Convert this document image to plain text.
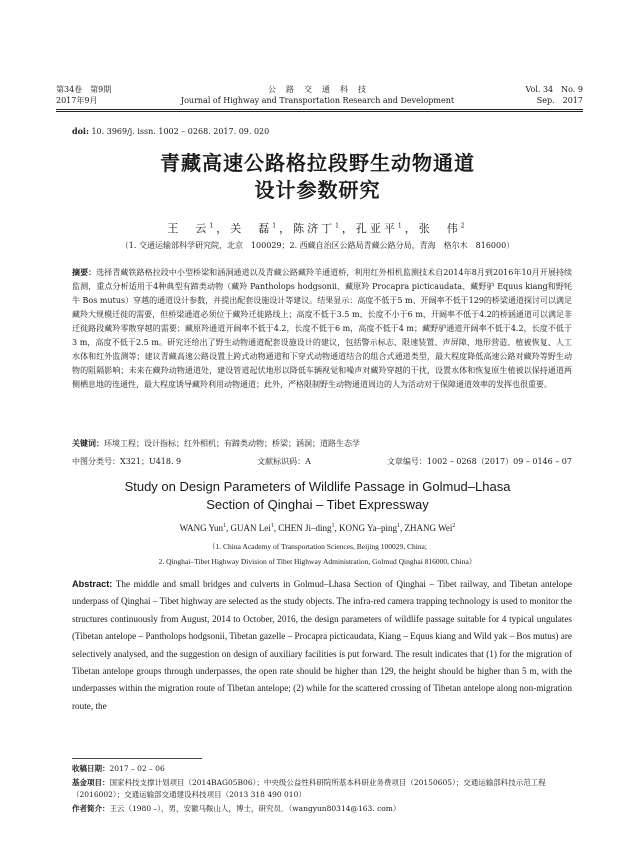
第34卷　第9期
2017年9月
公　路　交　通　科　技
Journal of Highway and Transportation Research and Development
Vol. 34　No. 9
Sep.　2017
doi: 10. 3969/j. issn. 1002 – 0268. 2017. 09. 020
青藏高速公路格拉段野生动物通道
设计参数研究
王　云$^1$，关　磊$^1$，陈济丁$^1$，孔亚平$^1$，张　伟$^2$
（1. 交通运输部科学研究院，北京　100029；2. 西藏自治区公路局青藏公路分局，青海　格尔木　816000）
摘要：选择青藏铁路格拉段中小型桥梁和涵洞通道以及青藏公路藏羚羊通道桥，利用红外相机监测技术自2014年8月到2016年10月开展持续监测，重点分析适用于4种典型有蹄类动物（藏羚 Pantholops hodgsonii、藏原羚 Procapra picticaudata、藏野驴 Equus kiang和野牦牛 Bos mutus）穿越的通道设计参数，并提出配套设施设计等建议。结果显示：高度不低于5 m、开阔率不低于129的桥梁通道探讨可以满足藏羚大规模迁徙的需要，但桥梁通道必须位于藏羚迁徙路线上；高度不低于3.5 m、长度不小于6 m、开阔率不低于4.2的桥涵通道可以满足非迁徙路段藏羚零散穿越的需要；藏原羚通道开阔率不低于4.2，长度不低于6 m，高度不低于4 m；藏野驴通道开阔率不低于4.2，长度不低于3 m，高度不低于2.5 m。研究还给出了野生动物通道配套设施设计的建议，包括警示标志、限速装置、声屏障、地形营造、植被恢复、人工水体和红外监测等；建议青藏高速公路设置上跨式动物通道和下穿式动物通道结合的组合式通道类型，最大程度降低高速公路对藏羚等野生动物的阻隔影响；未来在藏羚动物通道处，建设管道起伏地形以降低车辆视觉和噪声对藏羚穿越的干扰，设置水体和恢复原生植被以保持通道两侧栖息地的连通性，最大程度诱导藏羚利用动物通道；此外，严格限制野生动物通道周边的人为活动对于保障通道效率的发挥也很重要。
关键词：环境工程；设计指标；红外相机；有蹄类动物；桥梁；涵洞；道路生态学
中图分类号：X321；U418. 9	文献标识码：A	文章编号：1002 – 0268（2017）09 – 0146 – 07
Study on Design Parameters of Wildlife Passage in Golmud–Lhasa
Section of Qinghai – Tibet Expressway
WANG Yun$^1$, GUAN Lei$^1$, CHEN Ji–ding$^1$, KONG Ya–ping$^1$, ZHANG Wei$^2$
（1. China Academy of Transportation Sciences, Beijing 100029, China;
2. Qinghai–Tibet Highway Division of Tibet Highway Administration, Golmud Qinghai 816000, China）
Abstract: The middle and small bridges and culverts in Golmud–Lhasa Section of Qinghai – Tibet railway, and Tibetan antelope underpass of Qinghai – Tibet highway are selected as the study objects. The infra-red camera trapping technology is used to monitor the structures continuously from August, 2014 to October, 2016, the design parameters of wildlife passage suitable for 4 typical ungulates (Tibetan antelope – Pantholops hodgsonii, Tibetan gazelle – Procapra picticaudata, Kiang – Equus kiang and Wild yak – Bos mutus) are selectively analysed, and the suggestion on design of auxiliary facilities is put forward. The result indicates that (1) for the migration of Tibetan antelope groups through underpasses, the open rate should be higher than 129, the height should be higher than 5 m, with the underpasses within the migration route of Tibetan antelope; (2) while for the scattered crossing of Tibetan antelope along non-migration route, the
收稿日期：2017 – 02 – 06
基金项目：国家科技支撑计划项目（2014BAG05B06）；中央级公益性科研院所基本科研业务费项目（20150605）；交通运输部科技示范工程（2016002）；交通运输部交通建设科技项目（2013 318 490 010）
作者简介：王云（1980 –），男，安徽马鞍山人，博士，研究员．（wangyun80314@163. com）
